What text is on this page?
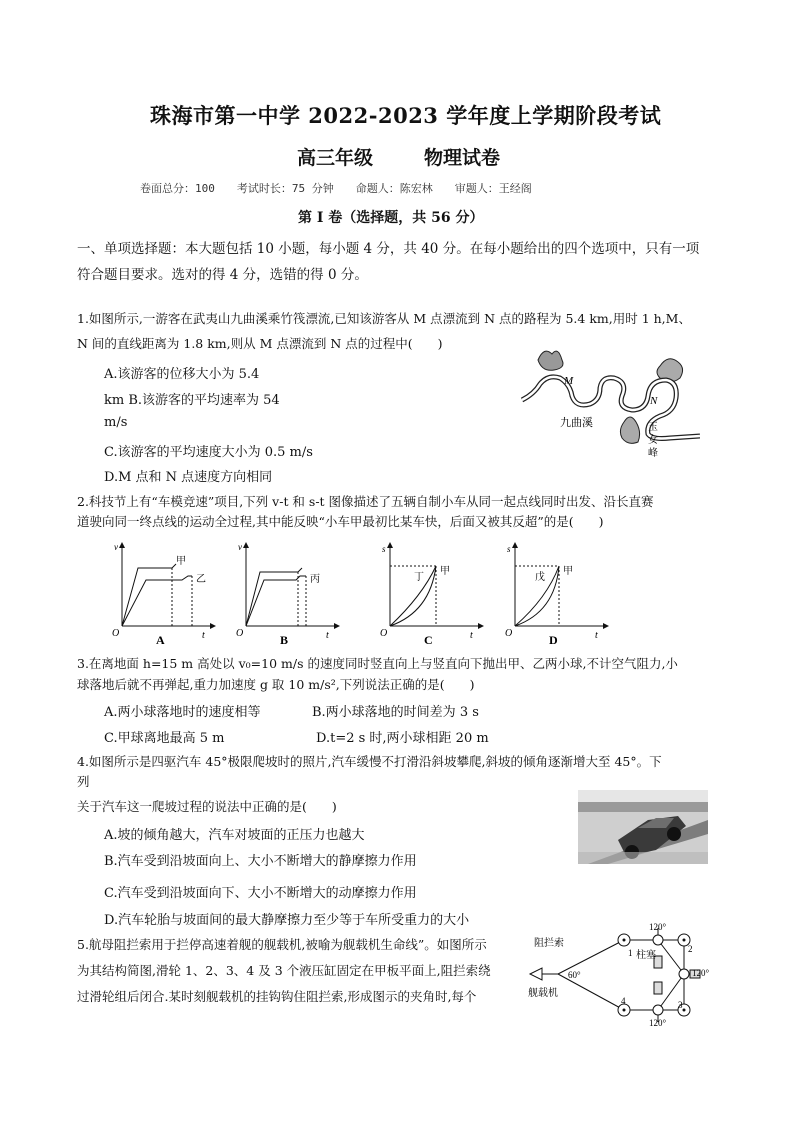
珠海市第一中学 2022-2023 学年度上学期阶段考试
高三年级	物理试卷
卷面总分：100　　考试时长：75 分钟　　命题人：陈宏林　　审题人：王经阁
第 I 卷（选择题，共 56 分）
一、单项选择题：本大题包括 10 小题，每小题 4 分，共 40 分。在每小题给出的四个选项中，只有一项
符合题目要求。选对的得 4 分，选错的得 0 分。
1.如图所示,一游客在武夷山九曲溪乘竹筏漂流,已知该游客从 M 点漂流到 N 点的路程为 5.4 km,用时 1 h,M、
N 间的直线距离为 1.8 km,则从 M 点漂流到 N 点的过程中(　　)
A.该游客的位移大小为 5.4
km B.该游客的平均速率为 54
m/s
C.该游客的平均速度大小为 0.5 m/s
D.M 点和 N 点速度方向相同
M
N
九曲溪	玉
女
峰
2.科技节上有“车模竞速”项目,下列 v-t 和 s-t 图像描述了五辆自制小车从同一起点线同时出发、沿长直赛
道驶向同一终点线的运动全过程,其中能反映“小车甲最初比某车快，后面又被其反超”的是(　　)
v
O	t
甲
乙
A
v
O	t
丙
B
s
O	t
丁
甲
C
s
O	t
戊
甲
D
3.在离地面 h=15 m 高处以 v₀=10 m/s 的速度同时竖直向上与竖直向下抛出甲、乙两小球,不计空气阻力,小
球落地后就不再弹起,重力加速度 g 取 10 m/s²,下列说法正确的是(　　)
A.两小球落地时的速度相等	B.两小球落地的时间差为 3 s
C.甲球离地最高 5 m	D.t=2 s 时,两小球相距 20 m
4.如图所示是四驱汽车 45°极限爬坡时的照片,汽车缓慢不打滑沿斜坡攀爬,斜坡的倾角逐渐增大至 45°。下
列
关于汽车这一爬坡过程的说法中正确的是(　　)
A.坡的倾角越大，汽车对坡面的正压力也越大
B.汽车受到沿坡面向上、大小不断增大的静摩擦力作用
C.汽车受到沿坡面向下、大小不断增大的动摩擦力作用
D.汽车轮胎与坡面间的最大静摩擦力至少等于车所受重力的大小
5.航母阻拦索用于拦停高速着舰的舰载机,被喻为舰载机生命线”。如图所示
为其结构简图,滑轮 1、2、3、4 及 3 个液压缸固定在甲板平面上,阻拦索绕
过滑轮组后闭合.某时刻舰载机的挂钩钩住阻拦索,形成图示的夹角时,每个
阻拦索
舰载机
柱塞
60°
120°
120°
120°
1	2
3
4
